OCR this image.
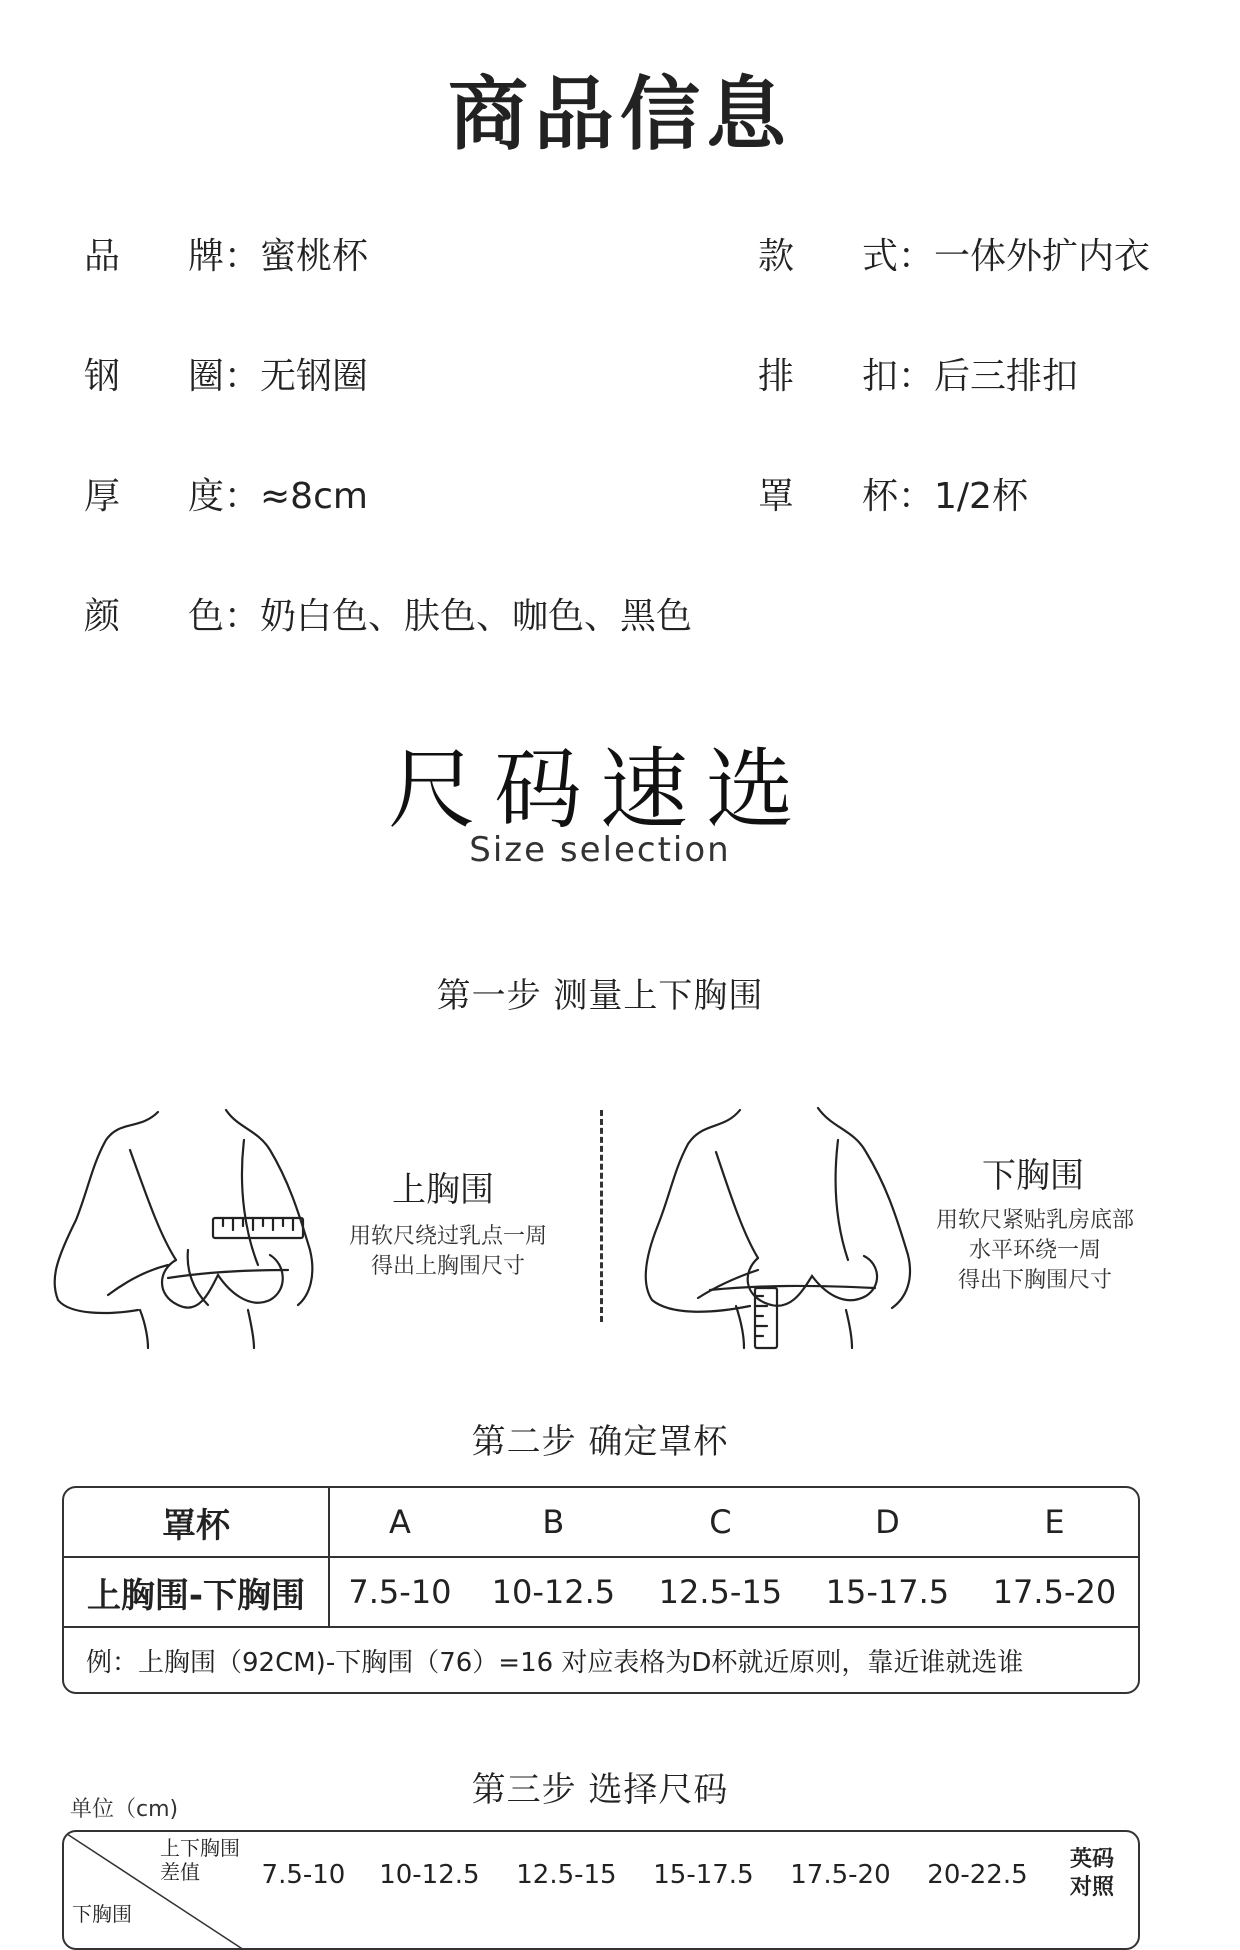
商品信息
品 牌：蜜桃杯	款 式：一体外扩内衣
钢 圈：无钢圈	排 扣：后三排扣
厚 度：≈8cm	罩 杯：1/2杯
颜 色：奶白色、肤色、咖色、黑色
尺码速选
Size selection
第一步 测量上下胸围
上胸围
用软尺绕过乳点一周
得出上胸围尺寸
下胸围
用软尺紧贴乳房底部
水平环绕一周
得出下胸围尺寸
第二步 确定罩杯
罩杯	A	B	C	D	E
上胸围-下胸围	7.5-10	10-12.5	12.5-15	15-17.5	17.5-20
例：上胸围（92CM)-下胸围（76）=16 对应表格为D杯就近原则，靠近谁就选谁					
第三步 选择尺码
单位（cm)
上下胸围
差值
下胸围
	7.5-10	10-12.5	12.5-15	15-17.5	17.5-20	20-22.5	
英码
对照
